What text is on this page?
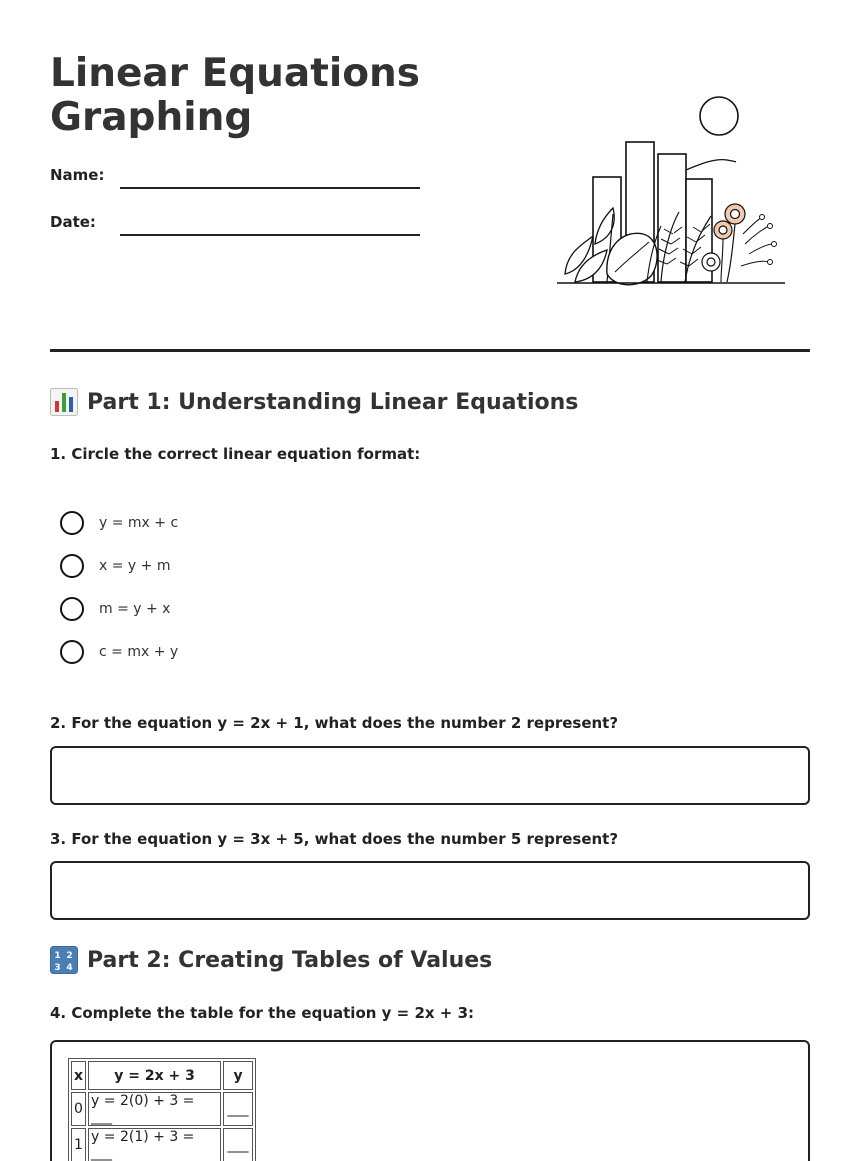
Linear Equations Graphing
Name:
Date:
Part 1: Understanding Linear Equations
1. Circle the correct linear equation format:
y = mx + c
x = y + m
m = y + x
c = mx + y
2. For the equation y = 2x + 1, what does the number 2 represent?
3. For the equation y = 3x + 5, what does the number 5 represent?
1 2
3 4 Part 2: Creating Tables of Values
4. Complete the table for the equation y = 2x + 3:
x	y = 2x + 3	y
0	y = 2(0) + 3 = ___	___
1	y = 2(1) + 3 = ___	___
